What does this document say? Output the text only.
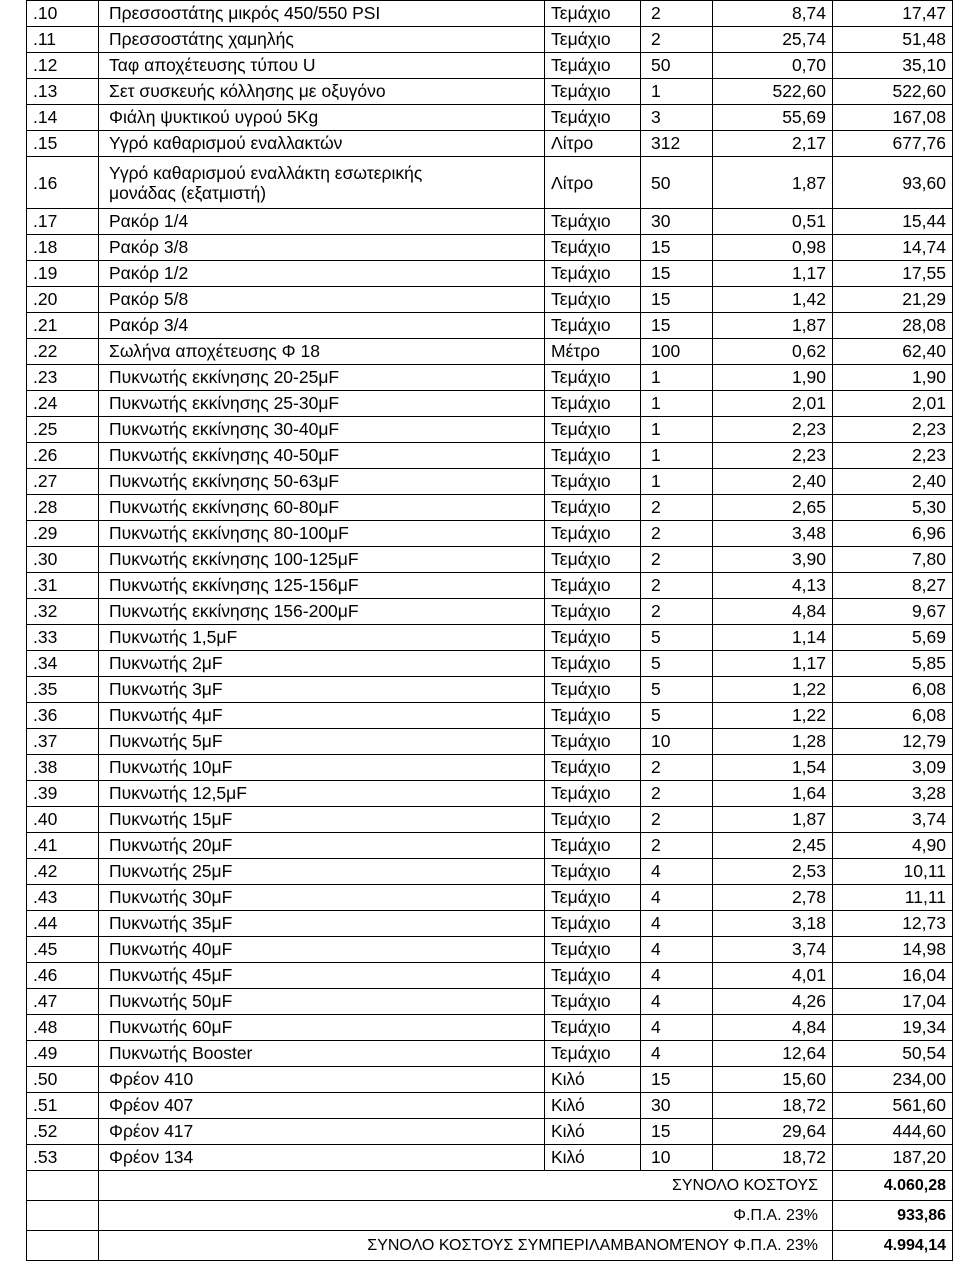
.10	Πρεσσοστάτης μικρός 450/550 PSI	Τεμάχιο	2	8,74	17,47
.11	Πρεσσοστάτης χαμηλής	Τεμάχιο	2	25,74	51,48
.12	Ταφ αποχέτευσης τύπου U	Τεμάχιο	50	0,70	35,10
.13	Σετ συσκευής κόλλησης με οξυγόνο	Τεμάχιο	1	522,60	522,60
.14	Φιάλη ψυκτικού υγρού 5Kg	Τεμάχιο	3	55,69	167,08
.15	Υγρό καθαρισμού εναλλακτών	Λίτρο	312	2,17	677,76
.16	Υγρό καθαρισμού εναλλάκτη εσωτερικής
μονάδας (εξατμιστή)	Λίτρο	50	1,87	93,60
.17	Ρακόρ 1/4	Τεμάχιο	30	0,51	15,44
.18	Ρακόρ 3/8	Τεμάχιο	15	0,98	14,74
.19	Ρακόρ 1/2	Τεμάχιο	15	1,17	17,55
.20	Ρακόρ 5/8	Τεμάχιο	15	1,42	21,29
.21	Ρακόρ 3/4	Τεμάχιο	15	1,87	28,08
.22	Σωλήνα αποχέτευσης Φ 18	Μέτρο	100	0,62	62,40
.23	Πυκνωτής εκκίνησης 20-25μF	Τεμάχιο	1	1,90	1,90
.24	Πυκνωτής εκκίνησης 25-30μF	Τεμάχιο	1	2,01	2,01
.25	Πυκνωτής εκκίνησης 30-40μF	Τεμάχιο	1	2,23	2,23
.26	Πυκνωτής εκκίνησης 40-50μF	Τεμάχιο	1	2,23	2,23
.27	Πυκνωτής εκκίνησης 50-63μF	Τεμάχιο	1	2,40	2,40
.28	Πυκνωτής εκκίνησης 60-80μF	Τεμάχιο	2	2,65	5,30
.29	Πυκνωτής εκκίνησης 80-100μF	Τεμάχιο	2	3,48	6,96
.30	Πυκνωτής εκκίνησης 100-125μF	Τεμάχιο	2	3,90	7,80
.31	Πυκνωτής εκκίνησης 125-156μF	Τεμάχιο	2	4,13	8,27
.32	Πυκνωτής εκκίνησης 156-200μF	Τεμάχιο	2	4,84	9,67
.33	Πυκνωτής 1,5μF	Τεμάχιο	5	1,14	5,69
.34	Πυκνωτής 2μF	Τεμάχιο	5	1,17	5,85
.35	Πυκνωτής 3μF	Τεμάχιο	5	1,22	6,08
.36	Πυκνωτής 4μF	Τεμάχιο	5	1,22	6,08
.37	Πυκνωτής 5μF	Τεμάχιο	10	1,28	12,79
.38	Πυκνωτής 10μF	Τεμάχιο	2	1,54	3,09
.39	Πυκνωτής 12,5μF	Τεμάχιο	2	1,64	3,28
.40	Πυκνωτής 15μF	Τεμάχιο	2	1,87	3,74
.41	Πυκνωτής 20μF	Τεμάχιο	2	2,45	4,90
.42	Πυκνωτής 25μF	Τεμάχιο	4	2,53	10,11
.43	Πυκνωτής 30μF	Τεμάχιο	4	2,78	11,11
.44	Πυκνωτής 35μF	Τεμάχιο	4	3,18	12,73
.45	Πυκνωτής 40μF	Τεμάχιο	4	3,74	14,98
.46	Πυκνωτής 45μF	Τεμάχιο	4	4,01	16,04
.47	Πυκνωτής 50μF	Τεμάχιο	4	4,26	17,04
.48	Πυκνωτής 60μF	Τεμάχιο	4	4,84	19,34
.49	Πυκνωτής Booster	Τεμάχιο	4	12,64	50,54
.50	Φρέον 410	Κιλό	15	15,60	234,00
.51	Φρέον 407	Κιλό	30	18,72	561,60
.52	Φρέον 417	Κιλό	15	29,64	444,60
.53	Φρέον 134	Κιλό	10	18,72	187,20
	ΣΥΝΟΛΟ ΚΟΣΤΟΥΣ				4.060,28
	Φ.Π.Α. 23%				933,86
	ΣΥΝΟΛΟ ΚΟΣΤΟΥΣ ΣΥΜΠΕΡΙΛΑΜΒΑΝΟΜΈΝΟΥ Φ.Π.Α. 23%				4.994,14
